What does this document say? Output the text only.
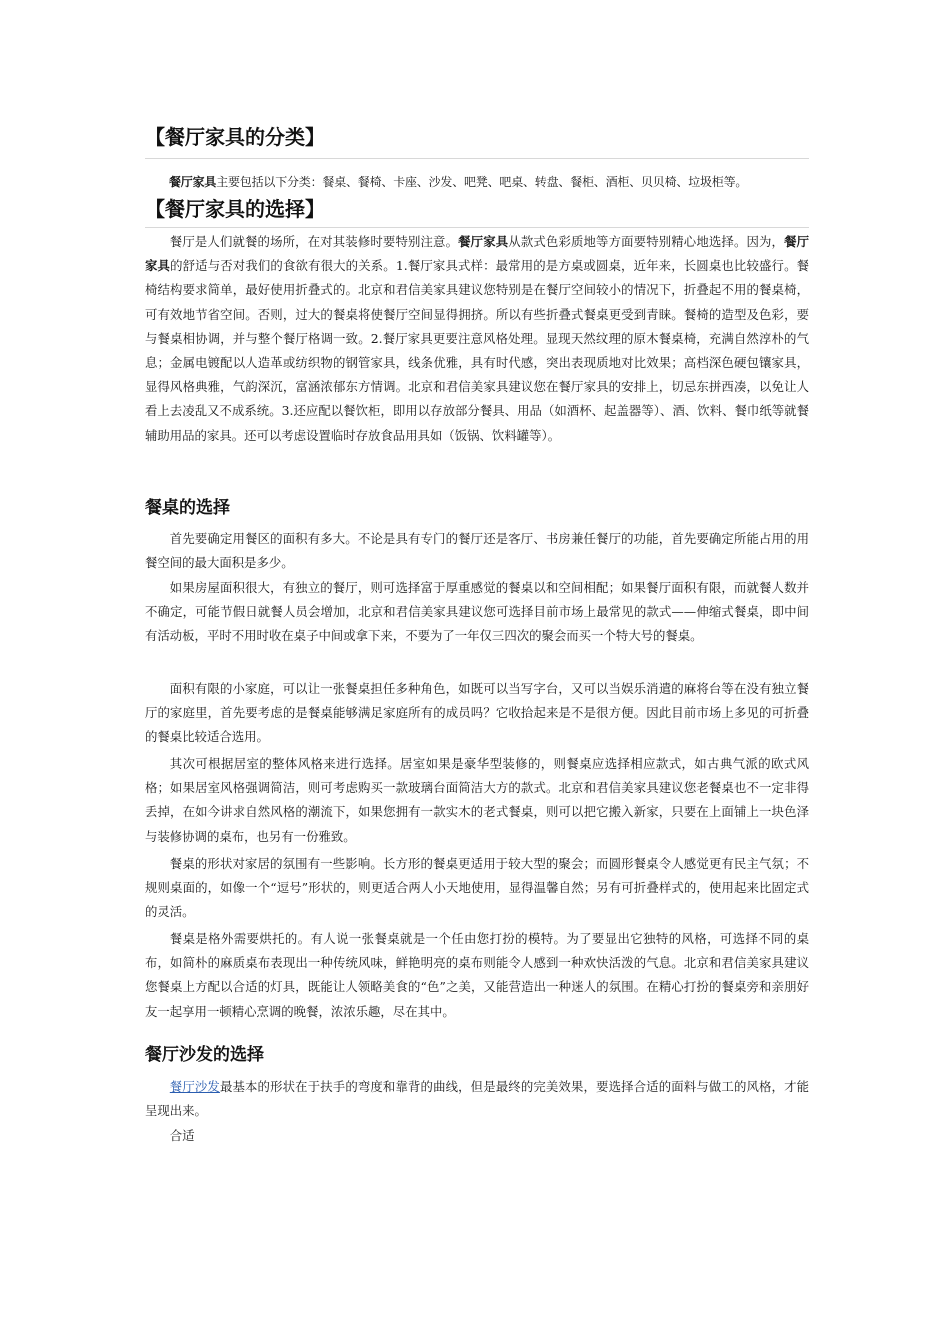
【餐厅家具的分类】

餐厅家具主要包括以下分类：餐桌、餐椅、卡座、沙发、吧凳、吧桌、转盘、餐柜、酒柜、贝贝椅、垃圾柜等。

【餐厅家具的选择】

餐厅是人们就餐的场所，在对其装修时要特别注意。餐厅家具从款式色彩质地等方面要特别精心地选择。因为，餐厅家具的舒适与否对我们的食欲有很大的关系。1.餐厅家具式样：最常用的是方桌或圆桌，近年来，长圆桌也比较盛行。餐椅结构要求简单，最好使用折叠式的。北京和君信美家具建议您特别是在餐厅空间较小的情况下，折叠起不用的餐桌椅，可有效地节省空间。否则，过大的餐桌将使餐厅空间显得拥挤。所以有些折叠式餐桌更受到青睐。餐椅的造型及色彩，要与餐桌相协调，并与整个餐厅格调一致。2.餐厅家具更要注意风格处理。显现天然纹理的原木餐桌椅，充满自然淳朴的气息；金属电镀配以人造革或纺织物的钢管家具，线条优雅，具有时代感，突出表现质地对比效果；高档深色硬包镶家具，显得风格典雅，气韵深沉，富涵浓郁东方情调。北京和君信美家具建议您在餐厅家具的安排上，切忌东拼西凑，以免让人看上去凌乱又不成系统。3.还应配以餐饮柜，即用以存放部分餐具、用品（如酒杯、起盖器等）、酒、饮料、餐巾纸等就餐辅助用品的家具。还可以考虑设置临时存放食品用具如（饭锅、饮料罐等）。

餐桌的选择

首先要确定用餐区的面积有多大。不论是具有专门的餐厅还是客厅、书房兼任餐厅的功能，首先要确定所能占用的用餐空间的最大面积是多少。

如果房屋面积很大，有独立的餐厅，则可选择富于厚重感觉的餐桌以和空间相配；如果餐厅面积有限，而就餐人数并不确定，可能节假日就餐人员会增加，北京和君信美家具建议您可选择目前市场上最常见的款式——伸缩式餐桌，即中间有活动板，平时不用时收在桌子中间或拿下来，不要为了一年仅三四次的聚会而买一个特大号的餐桌。

面积有限的小家庭，可以让一张餐桌担任多种角色，如既可以当写字台，又可以当娱乐消遣的麻将台等在没有独立餐厅的家庭里，首先要考虑的是餐桌能够满足家庭所有的成员吗？它收拾起来是不是很方便。因此目前市场上多见的可折叠的餐桌比较适合选用。

其次可根据居室的整体风格来进行选择。居室如果是豪华型装修的，则餐桌应选择相应款式，如古典气派的欧式风格；如果居室风格强调简洁，则可考虑购买一款玻璃台面简洁大方的款式。北京和君信美家具建议您老餐桌也不一定非得丢掉，在如今讲求自然风格的潮流下，如果您拥有一款实木的老式餐桌，则可以把它搬入新家，只要在上面铺上一块色泽与装修协调的桌布，也另有一份雅致。

餐桌的形状对家居的氛围有一些影响。长方形的餐桌更适用于较大型的聚会；而圆形餐桌令人感觉更有民主气氛；不规则桌面的，如像一个“逗号”形状的，则更适合两人小天地使用，显得温馨自然；另有可折叠样式的，使用起来比固定式的灵活。

餐桌是格外需要烘托的。有人说一张餐桌就是一个任由您打扮的模特。为了要显出它独特的风格，可选择不同的桌布，如简朴的麻质桌布表现出一种传统风味，鲜艳明亮的桌布则能令人感到一种欢快活泼的气息。北京和君信美家具建议您餐桌上方配以合适的灯具，既能让人领略美食的“色”之美，又能营造出一种迷人的氛围。在精心打扮的餐桌旁和亲朋好友一起享用一顿精心烹调的晚餐，浓浓乐趣，尽在其中。

餐厅沙发的选择

餐厅沙发最基本的形状在于扶手的弯度和靠背的曲线，但是最终的完美效果，要选择合适的面料与做工的风格，才能呈现出来。

合适
